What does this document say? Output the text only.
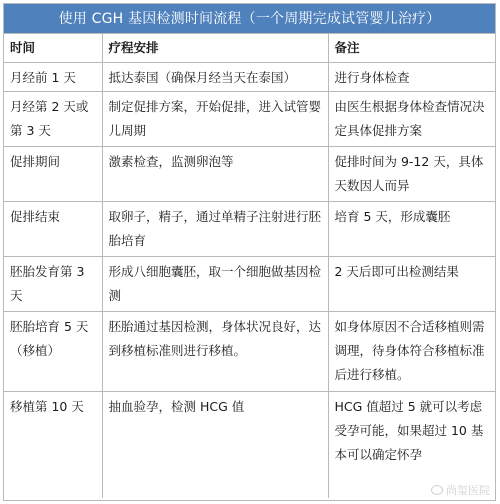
使用 CGH 基因检测时间流程（一个周期完成试管婴儿治疗）
时间	疗程安排	备注
月经前 1 天	抵达泰国（确保月经当天在泰国）	进行身体检查
月经第 2 天或第 3 天	制定促排方案，开始促排，进入试管婴儿周期	由医生根据身体检查情况决定具体促排方案
促排期间	激素检查，监测卵泡等	促排时间为 9-12 天，具体天数因人而异
促排结束	取卵子，精子，通过单精子注射进行胚胎培育	培育 5 天，形成囊胚
胚胎发育第 3 天	形成八细胞囊胚，取一个细胞做基因检测	2 天后即可出检测结果
胚胎培育 5 天 （移植）	胚胎通过基因检测，身体状况良好，达到移植标准则进行移植。	如身体原因不合适移植则需调理，待身体符合移植标准后进行移植。
移植第 10 天	抽血验孕，检测 HCG 值	HCG 值超过 5 就可以考虑受孕可能，如果超过 10 基本可以确定怀孕
尚玺医院
